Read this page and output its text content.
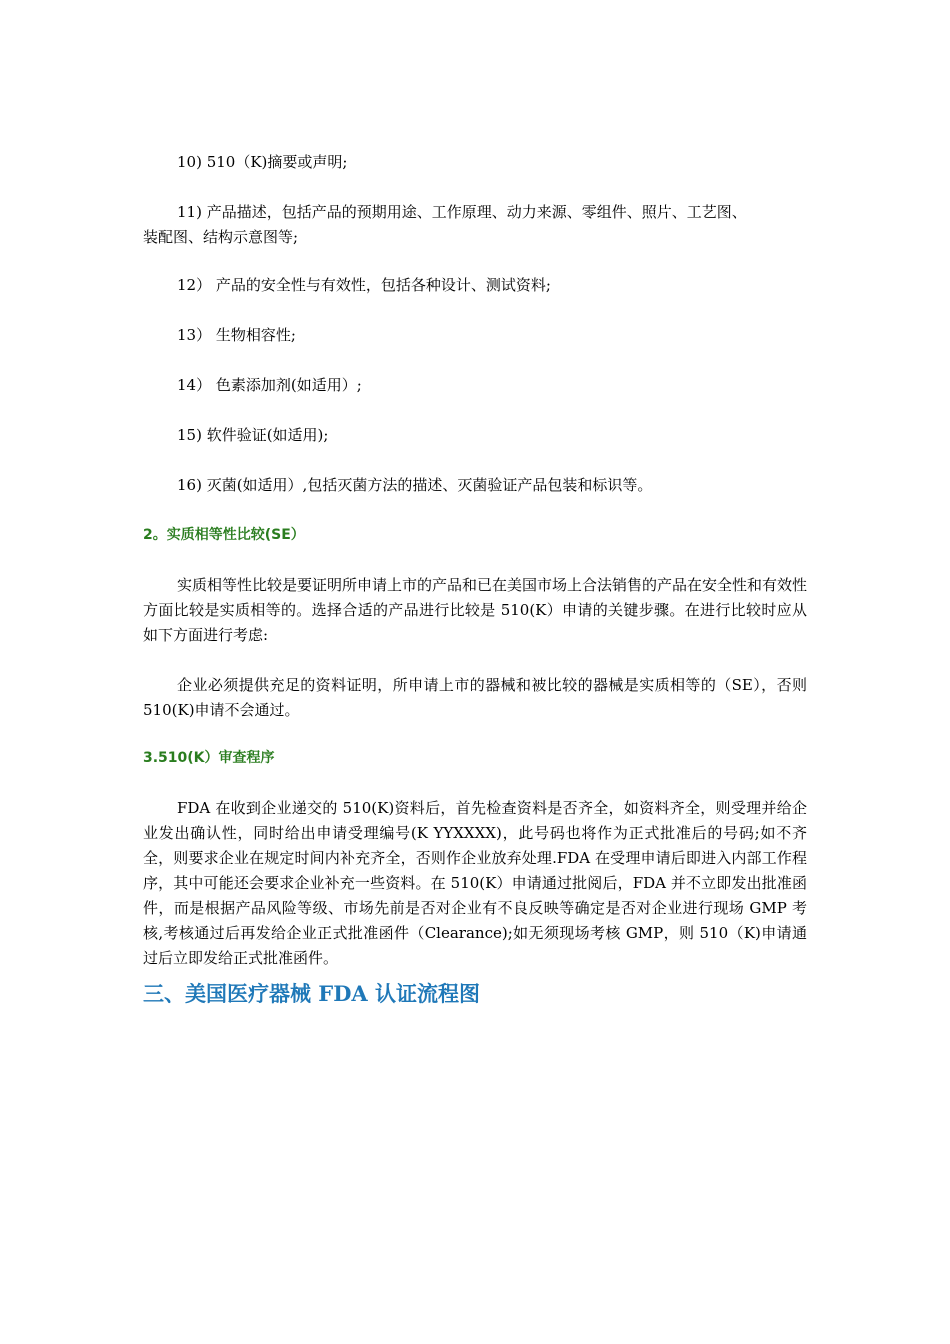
10) 510（K)摘要或声明;
11) 产品描述，包括产品的预期用途、工作原理、动力来源、零组件、照片、工艺图、
装配图、结构示意图等;
12） 产品的安全性与有效性，包括各种设计、测试资料;
13） 生物相容性;
14） 色素添加剂(如适用）;
15) 软件验证(如适用);
16) 灭菌(如适用）,包括灭菌方法的描述、灭菌验证产品包装和标识等。
2。实质相等性比较(SE）
实质相等性比较是要证明所申请上市的产品和已在美国市场上合法销售的产品在安全性和有效性方面比较是实质相等的。选择合适的产品进行比较是 510(K）申请的关键步骤。在进行比较时应从如下方面进行考虑:
企业必须提供充足的资料证明，所申请上市的器械和被比较的器械是实质相等的（SE），否则 510(K)申请不会通过。
3.510(K）审查程序
FDA 在收到企业递交的 510(K)资料后，首先检查资料是否齐全，如资料齐全，则受理并给企业发出确认性，同时给出申请受理编号(K YYXXXX)，此号码也将作为正式批准后的号码;如不齐全，则要求企业在规定时间内补充齐全，否则作企业放弃处理.FDA 在受理申请后即进入内部工作程序，其中可能还会要求企业补充一些资料。在 510(K）申请通过批阅后，FDA 并不立即发出批准函件，而是根据产品风险等级、市场先前是否对企业有不良反映等确定是否对企业进行现场 GMP 考核,考核通过后再发给企业正式批准函件（Clearance);如无须现场考核 GMP，则 510（K)申请通过后立即发给正式批准函件。
三、美国医疗器械 FDA 认证流程图
